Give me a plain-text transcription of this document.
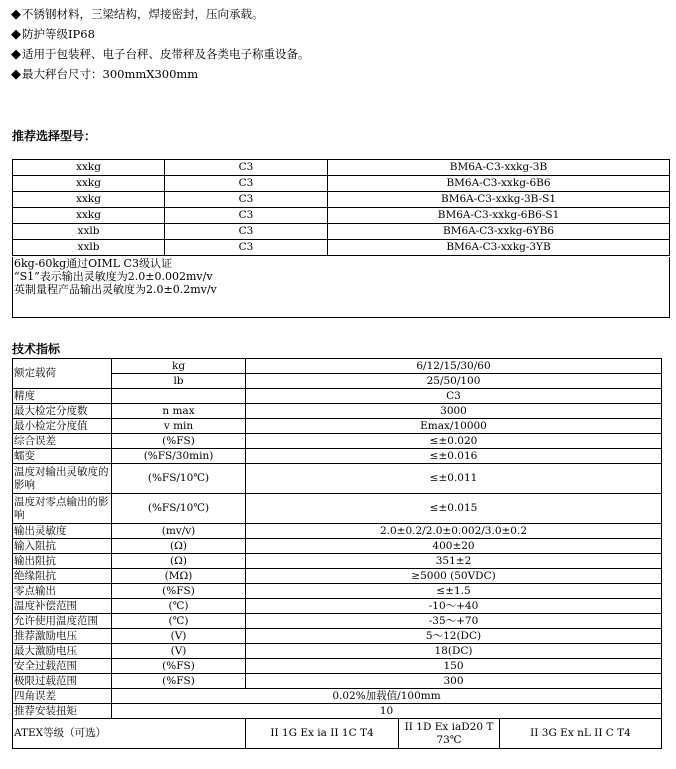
◆不锈钢材料，三梁结构，焊接密封，压向承载。
◆防护等级IP68
◆适用于包装秤、电子台秤、皮带秤及各类电子称重设备。
◆最大秤台尺寸：300mmX300mm
推荐选择型号：
xxkg	C3	BM6A-C3-xxkg-3B
xxkg	C3	BM6A-C3-xxkg-6B6
xxkg	C3	BM6A-C3-xxkg-3B-S1
xxkg	C3	BM6A-C3-xxkg-6B6-S1
xxlb	C3	BM6A-C3-xxkg-6YB6
xxlb	C3	BM6A-C3-xxkg-3YB
6kg-60kg通过OIML C3级认证
“S1”表示输出灵敏度为2.0±0.002mv/v
英制量程产品输出灵敏度为2.0±0.2mv/v
技术指标
额定载荷	kg	6/12/15/30/60		
	lb	25/50/100		
精度		C3		
最大检定分度数	n max	3000		
最小检定分度值	v min	Emax/10000		
综合误差	(%FS)	≤±0.020		
蠕变	(%FS/30min)	≤±0.016		
温度对输出灵敏度的影响	(%FS/10℃)	≤±0.011		
温度对零点输出的影响	(%FS/10℃)	≤±0.015		
输出灵敏度	(mv/v)	2.0±0.2/2.0±0.002/3.0±0.2		
输入阻抗	(Ω)	400±20		
输出阻抗	(Ω)	351±2		
绝缘阻抗	(MΩ)	≥5000 (50VDC)		
零点输出	(%FS)	≤±1.5		
温度补偿范围	(℃)	-10～+40		
允许使用温度范围	(℃)	-35～+70		
推荐激励电压	(V)	5～12(DC)		
最大激励电压	(V)	18(DC)		
安全过载范围	(%FS)	150		
极限过载范围	(%FS)	300		
四角误差	0.02%加载值/100mm			
推荐安装扭矩	10			
ATEX等级（可选）		II 1G Ex ia II 1C T4	II 1D Ex iaD20 T 73℃	II 3G Ex nL II C T4
